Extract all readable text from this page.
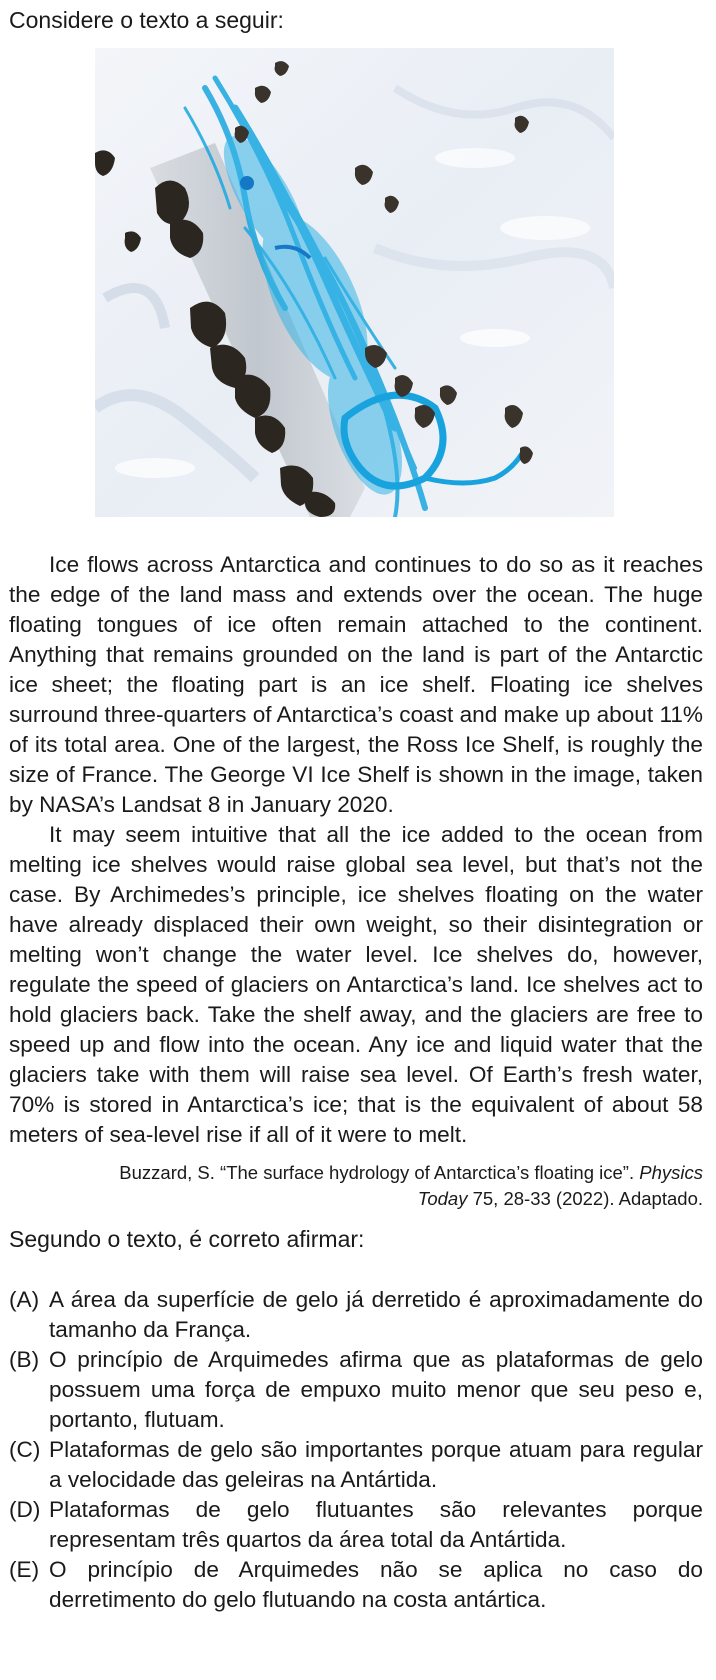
Considere o texto a seguir:

Ice flows across Antarctica and continues to do so as it reaches the edge of the land mass and extends over the ocean. The huge floating tongues of ice often remain attached to the continent. Anything that remains grounded on the land is part of the Antarctic ice sheet; the floating part is an ice shelf. Floating ice shelves surround three-quarters of Antarctica’s coast and make up about 11% of its total area. One of the largest, the Ross Ice Shelf, is roughly the size of France. The George VI Ice Shelf is shown in the image, taken by NASA’s Landsat 8 in January 2020.

It may seem intuitive that all the ice added to the ocean from melting ice shelves would raise global sea level, but that’s not the case. By Archimedes’s principle, ice shelves floating on the water have already displaced their own weight, so their disintegration or melting won’t change the water level. Ice shelves do, however, regulate the speed of glaciers on Antarctica’s land. Ice shelves act to hold glaciers back. Take the shelf away, and the glaciers are free to speed up and flow into the ocean. Any ice and liquid water that the glaciers take with them will raise sea level. Of Earth’s fresh water, 70% is stored in Antarctica’s ice; that is the equivalent of about 58 meters of sea-level rise if all of it were to melt.

Buzzard, S. “The surface hydrology of Antarctica’s floating ice”. Physics
Today 75, 28-33 (2022). Adaptado.
Segundo o texto, é correto afirmar:
(A) A área da superfície de gelo já derretido é aproximadamente do tamanho da França.
(B) O princípio de Arquimedes afirma que as plataformas de gelo possuem uma força de empuxo muito menor que seu peso e, portanto, flutuam.
(C) Plataformas de gelo são importantes porque atuam para regular a velocidade das geleiras na Antártida.
(D) Plataformas de gelo flutuantes são relevantes porque representam três quartos da área total da Antártida.
(E) O princípio de Arquimedes não se aplica no caso do derretimento do gelo flutuando na costa antártica.
